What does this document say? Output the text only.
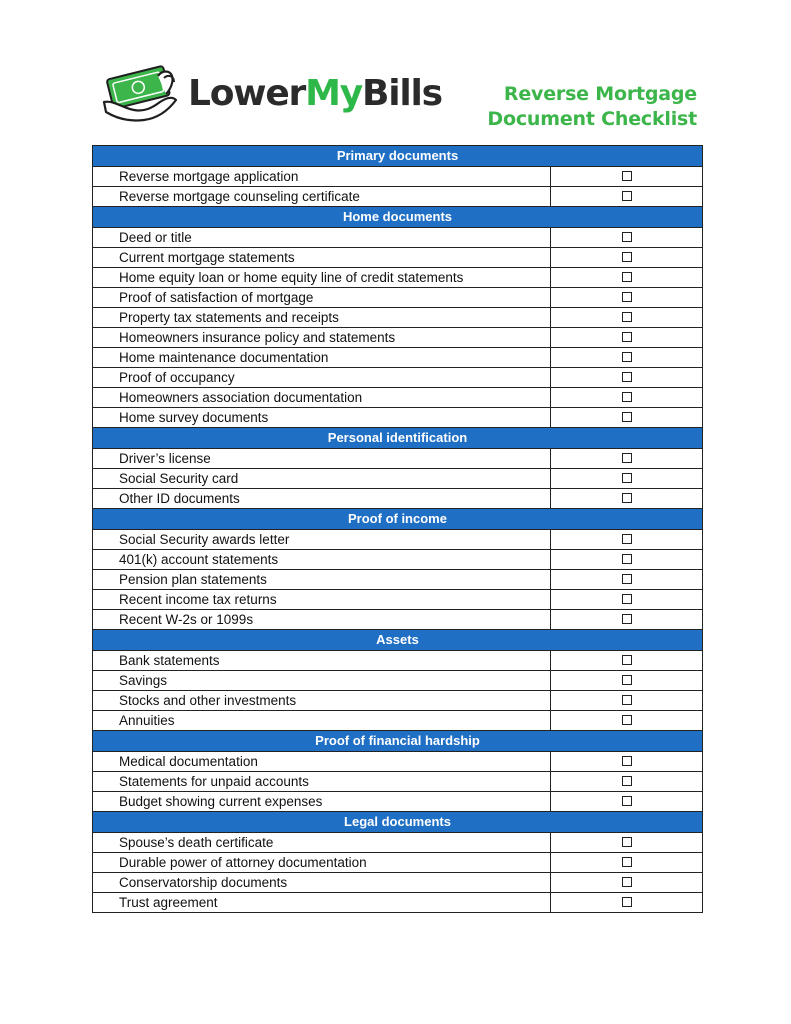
LowerMyBills	Reverse Mortgage
Document Checklist
Primary documents	
Reverse mortgage application	
Reverse mortgage counseling certificate	
Home documents	
Deed or title	
Current mortgage statements	
Home equity loan or home equity line of credit statements	
Proof of satisfaction of mortgage	
Property tax statements and receipts	
Homeowners insurance policy and statements	
Home maintenance documentation	
Proof of occupancy	
Homeowners association documentation	
Home survey documents	
Personal identification	
Driver’s license	
Social Security card	
Other ID documents	
Proof of income	
Social Security awards letter	
401(k) account statements	
Pension plan statements	
Recent income tax returns	
Recent W-2s or 1099s	
Assets	
Bank statements	
Savings	
Stocks and other investments	
Annuities	
Proof of financial hardship	
Medical documentation	
Statements for unpaid accounts	
Budget showing current expenses	
Legal documents	
Spouse’s death certificate	
Durable power of attorney documentation	
Conservatorship documents	
Trust agreement	
